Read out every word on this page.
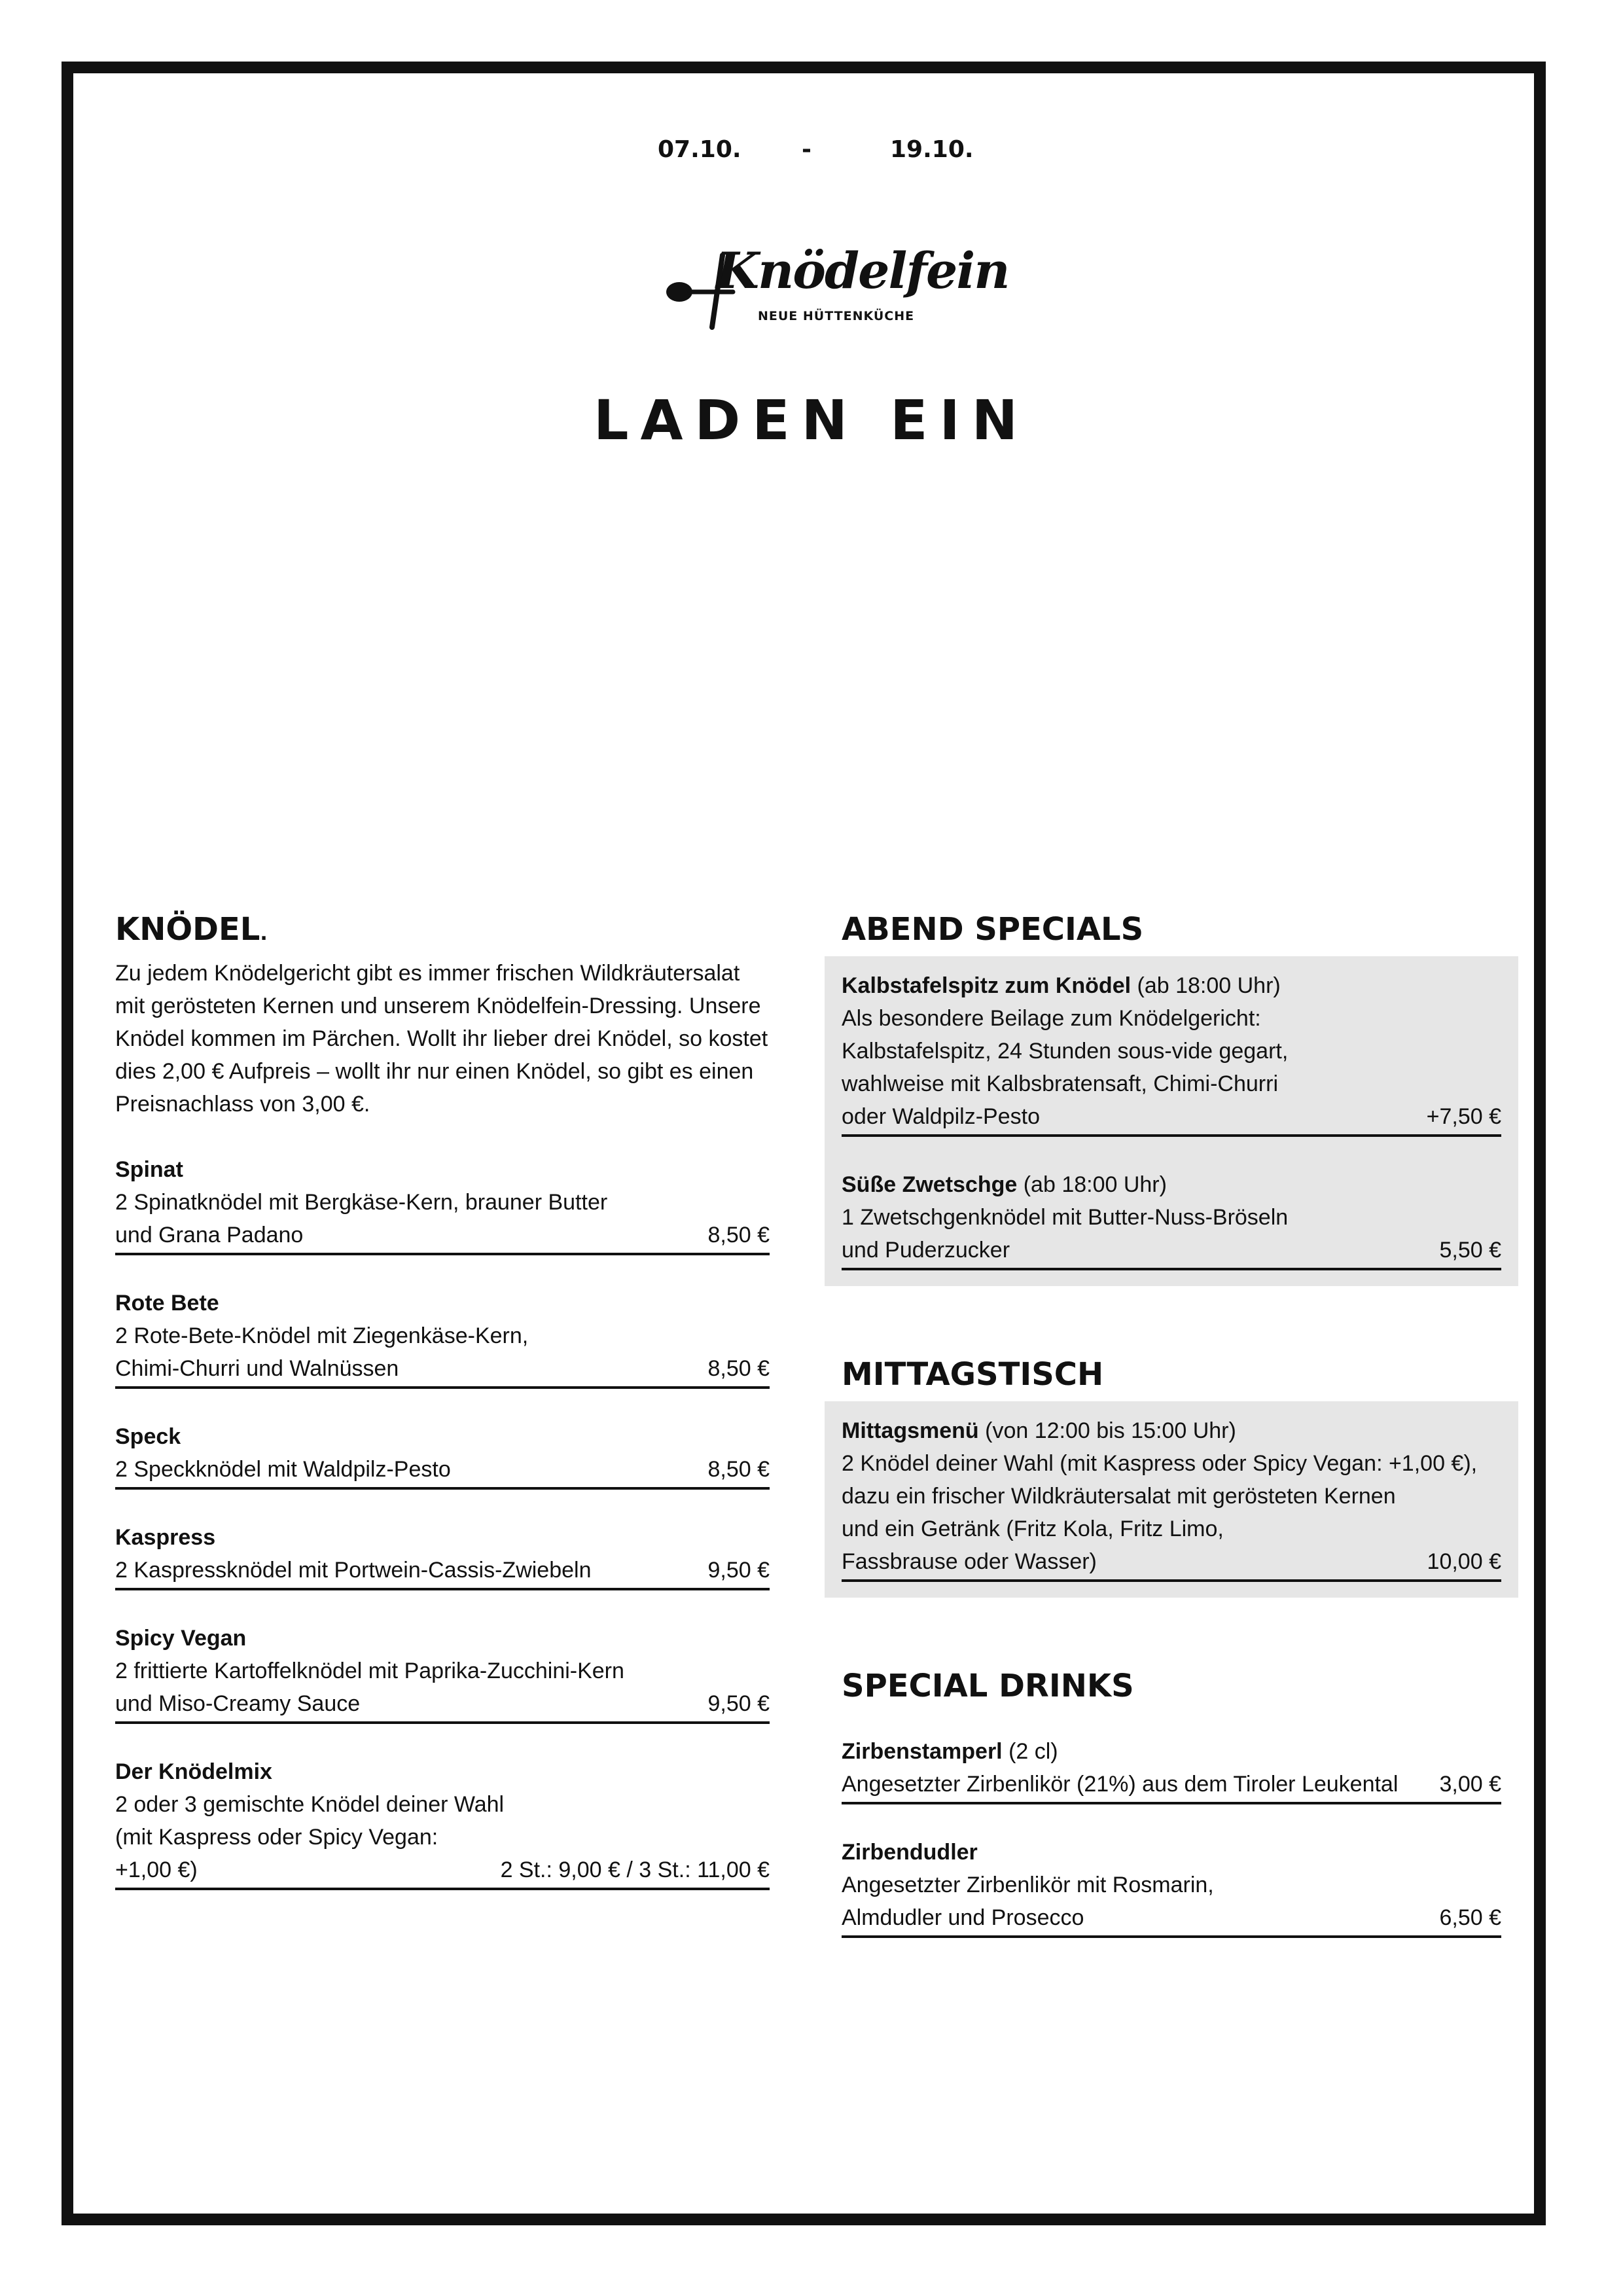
07.10.	-	19.10.
Knödelfein
NEUE HÜTTENKÜCHE
LADEN EIN
KNÖDEL.

Zu jedem Knödelgericht gibt es immer frischen Wildkräutersalat mit gerösteten Kernen und unserem Knödelfein-Dressing. Unsere Knödel kommen im Pärchen. Wollt ihr lieber drei Knödel, so kostet dies 2,00 € Aufpreis – wollt ihr nur einen Knödel, so gibt es einen Preisnachlass von 3,00 €.

Spinat
2 Spinatknödel mit Bergkäse-Kern, brauner Butter
und Grana Padano	8,50 €
Rote Bete
2 Rote-Bete-Knödel mit Ziegenkäse-Kern,
Chimi-Churri und Walnüssen	8,50 €
Speck
2 Speckknödel mit Waldpilz-Pesto	8,50 €
Kaspress
2 Kaspressknödel mit Portwein-Cassis-Zwiebeln	9,50 €
Spicy Vegan
2 frittierte Kartoffelknödel mit Paprika-Zucchini-Kern
und Miso-Creamy Sauce	9,50 €
Der Knödelmix
2 oder 3 gemischte Knödel deiner Wahl
(mit Kaspress oder Spicy Vegan: +1,00 €)	2 St.: 9,00 € / 3 St.: 11,00 €
ABEND SPECIALS
Kalbstafelspitz zum Knödel (ab 18:00 Uhr)
Als besondere Beilage zum Knödelgericht:
Kalbstafelspitz, 24 Stunden sous-vide gegart,
wahlweise mit Kalbsbratensaft, Chimi-Churri
oder Waldpilz-Pesto	+7,50 €
Süße Zwetschge (ab 18:00 Uhr)
1 Zwetschgenknödel mit Butter-Nuss-Bröseln
und Puderzucker	5,50 €
MITTAGSTISCH
Mittagsmenü (von 12:00 bis 15:00 Uhr)
2 Knödel deiner Wahl (mit Kaspress oder Spicy Vegan: +1,00 €),
dazu ein frischer Wildkräutersalat mit gerösteten Kernen
und ein Getränk (Fritz Kola, Fritz Limo,
Fassbrause oder Wasser)	10,00 €
SPECIAL DRINKS
Zirbenstamperl (2 cl)
Angesetzter Zirbenlikör (21%) aus dem Tiroler Leukental 3,00 €
Zirbendudler
Angesetzter Zirbenlikör mit Rosmarin,
Almdudler und Prosecco	6,50 €
